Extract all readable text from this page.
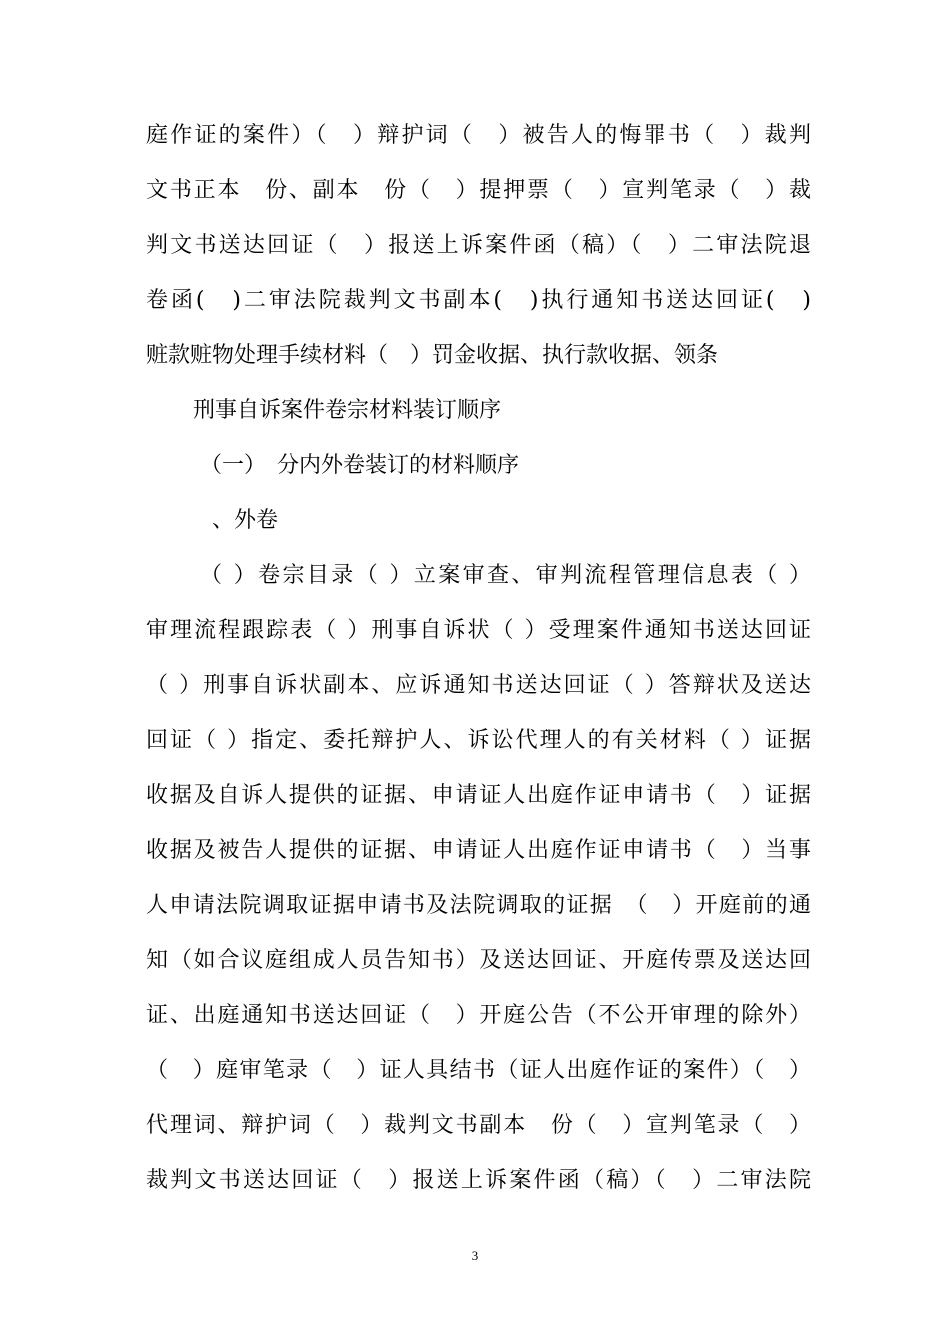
庭作证的案件）（　）辩护词（　）被告人的悔罪书（　）裁判
文书正本　份、副本　份（　）提押票（　）宣判笔录（　）裁
判文书送达回证（　）报送上诉案件函（稿）（　）二审法院退
卷函(　)二审法院裁判文书副本(　)执行通知书送达回证(　)
赃款赃物处理手续材料（　）罚金收据、执行款收据、领条
刑事自诉案件卷宗材料装订顺序
（一）　分内外卷装订的材料顺序
、外卷
（ ）卷宗目录（ ）立案审查、审判流程管理信息表（ ）
审理流程跟踪表（ ）刑事自诉状（ ）受理案件通知书送达回证
（ ）刑事自诉状副本、应诉通知书送达回证（ ）答辩状及送达
回证（ ）指定、委托辩护人、诉讼代理人的有关材料（ ）证据
收据及自诉人提供的证据、申请证人出庭作证申请书（　）证据
收据及被告人提供的证据、申请证人出庭作证申请书（　）当事
人申请法院调取证据申请书及法院调取的证据　（　）开庭前的通
知（如合议庭组成人员告知书）及送达回证、开庭传票及送达回
证、出庭通知书送达回证（　）开庭公告（不公开审理的除外）
（　）庭审笔录（　）证人具结书（证人出庭作证的案件）（　）
代理词、辩护词（　）裁判文书副本　份（　）宣判笔录（　）
裁判文书送达回证（　）报送上诉案件函（稿）（　）二审法院
3
